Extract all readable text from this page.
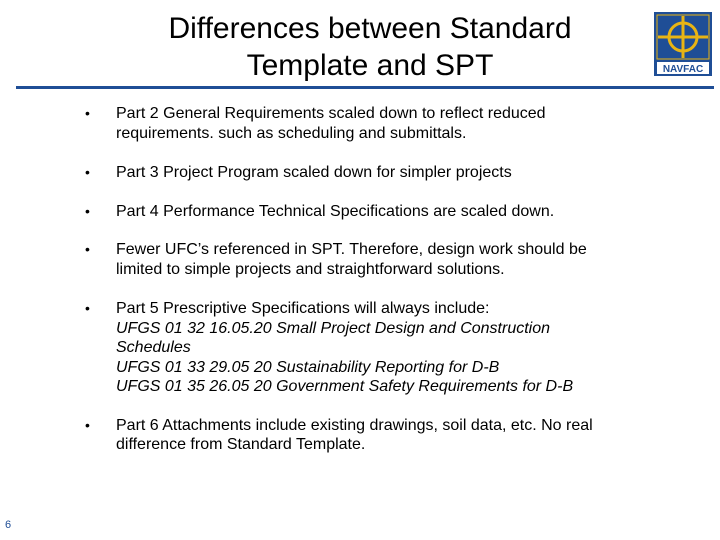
Differences between Standard
Template and SPT	NAVFAC
• Part 2 General Requirements scaled down to reflect reduced
requirements. such as scheduling and submittals.
• Part 3 Project Program scaled down for simpler projects
• Part 4 Performance Technical Specifications are scaled down.
• Fewer UFC’s referenced in SPT. Therefore, design work should be
limited to simple projects and straightforward solutions.
• Part 5 Prescriptive Specifications will always include:
UFGS 01 32 16.05.20 Small Project Design and Construction
Schedules
UFGS 01 33 29.05 20 Sustainability Reporting for D-B
UFGS 01 35 26.05 20 Government Safety Requirements for D-B
• Part 6 Attachments include existing drawings, soil data, etc. No real
difference from Standard Template.
6
